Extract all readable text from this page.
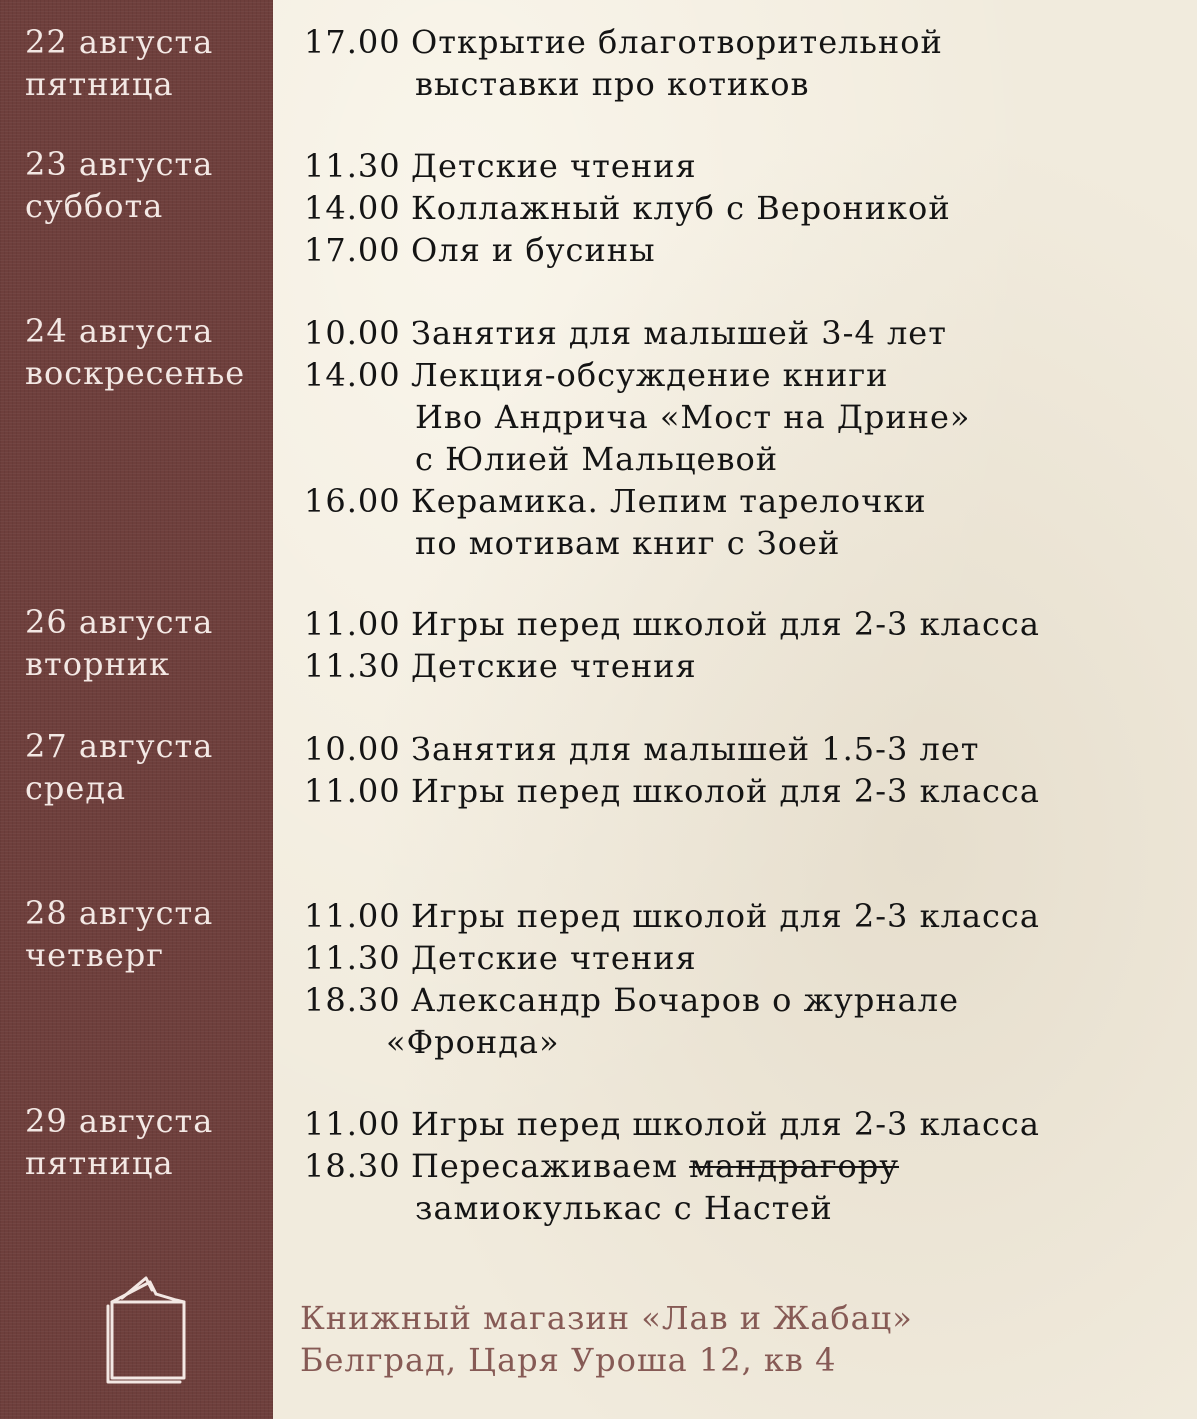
22 августа
пятница
23 августа
суббота
24 августа
воскресенье
26 августа
вторник
27 августа
среда
28 августа
четверг
29 августа
пятница
17.00 Открытие благотворительной
выставки про котиков
11.30 Детские чтения
14.00 Коллажный клуб с Вероникой
17.00 Оля и бусины
10.00 Занятия для малышей 3-4 лет
14.00 Лекция-обсуждение книги
Иво Андрича «Мост на Дрине»
с Юлией Мальцевой
16.00 Керамика. Лепим тарелочки
по мотивам книг с Зоей
11.00 Игры перед школой для 2-3 класса
11.30 Детские чтения
10.00 Занятия для малышей 1.5-3 лет
11.00 Игры перед школой для 2-3 класса
11.00 Игры перед школой для 2-3 класса
11.30 Детские чтения
18.30 Александр Бочаров о журнале
«Фронда»
11.00 Игры перед школой для 2-3 класса
18.30 Пересаживаем мандрагору
замиокулькас с Настей
Книжный магазин «Лав и Жабац»
Белград, Царя Уроша 12, кв 4
